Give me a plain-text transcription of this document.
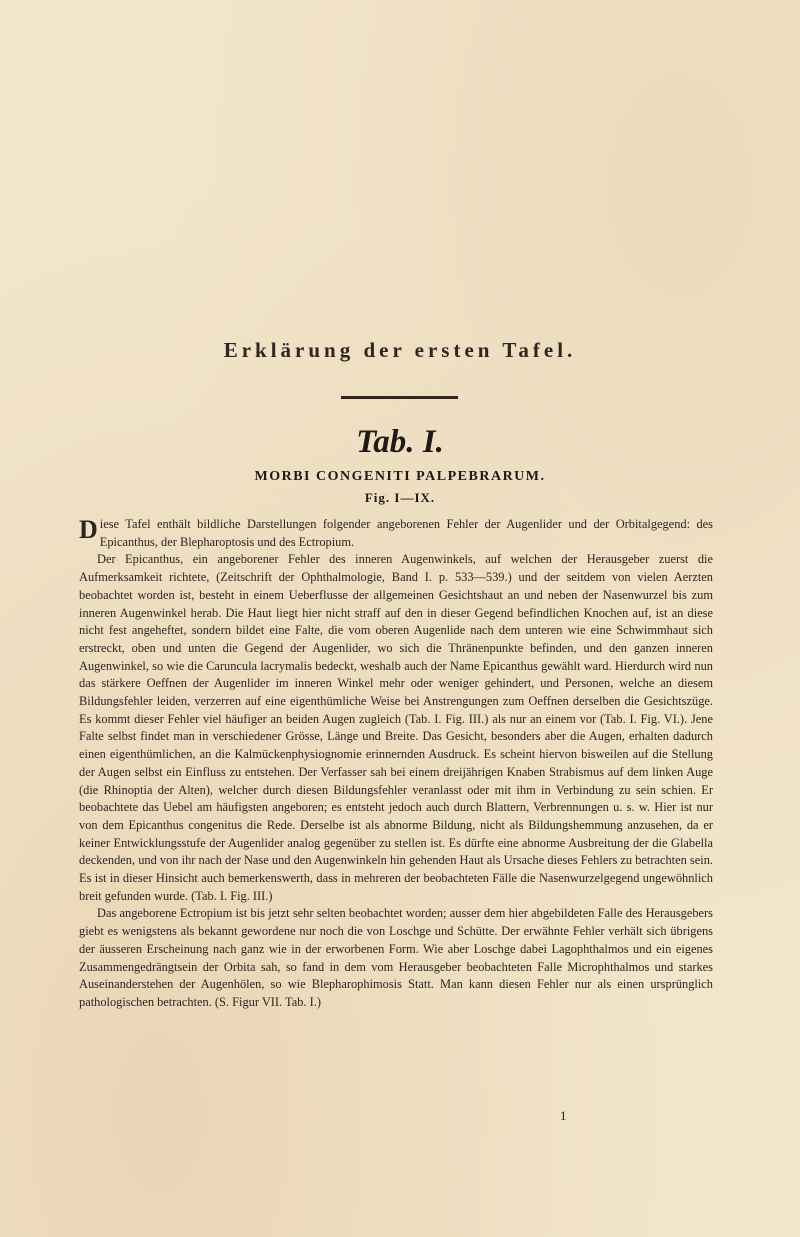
Erklärung der ersten Tafel.
Tab. I.
MORBI CONGENITI PALPEBRARUM.
Fig. I—IX.

Diese Tafel enthält bildliche Darstellungen folgender angeborenen Fehler der Augenlider und der Orbitalgegend: des Epicanthus, der Blepharoptosis und des Ectropium.

Der Epicanthus, ein angeborener Fehler des inneren Augenwinkels, auf welchen der Herausgeber zuerst die Aufmerksamkeit richtete, (Zeitschrift der Ophthalmologie, Band I. p. 533—539.) und der seitdem von vielen Aerzten beobachtet worden ist, besteht in einem Ueberflusse der allgemeinen Gesichtshaut an und neben der Nasenwurzel bis zum inneren Augenwinkel herab. Die Haut liegt hier nicht straff auf den in dieser Gegend befindlichen Knochen auf, ist an diese nicht fest angeheftet, sondern bildet eine Falte, die vom oberen Augenlide nach dem unteren wie eine Schwimmhaut sich erstreckt, oben und unten die Gegend der Augenlider, wo sich die Thränenpunkte befinden, und den ganzen inneren Augenwinkel, so wie die Caruncula lacrymalis bedeckt, weshalb auch der Name Epicanthus gewählt ward. Hierdurch wird nun das stärkere Oeffnen der Augenlider im inneren Winkel mehr oder weniger gehindert, und Personen, welche an diesem Bildungsfehler leiden, verzerren auf eine eigenthümliche Weise bei Anstrengungen zum Oeffnen derselben die Gesichtszüge. Es kommt dieser Fehler viel häufiger an beiden Augen zugleich (Tab. I. Fig. III.) als nur an einem vor (Tab. I. Fig. VI.). Jene Falte selbst findet man in verschiedener Grösse, Länge und Breite. Das Gesicht, besonders aber die Augen, erhalten dadurch einen eigenthümlichen, an die Kalmückenphysiognomie erinnernden Ausdruck. Es scheint hiervon bisweilen auf die Stellung der Augen selbst ein Einfluss zu entstehen. Der Verfasser sah bei einem dreijährigen Knaben Strabismus auf dem linken Auge (die Rhinoptia der Alten), welcher durch diesen Bildungsfehler veranlasst oder mit ihm in Verbindung zu sein schien. Er beobachtete das Uebel am häufigsten angeboren; es entsteht jedoch auch durch Blattern, Verbrennungen u. s. w. Hier ist nur von dem Epicanthus congenitus die Rede. Derselbe ist als abnorme Bildung, nicht als Bildungshemmung anzusehen, da er keiner Entwicklungsstufe der Augenlider analog gegenüber zu stellen ist. Es dürfte eine abnorme Ausbreitung der die Glabella deckenden, und von ihr nach der Nase und den Augenwinkeln hin gehenden Haut als Ursache dieses Fehlers zu betrachten sein. Es ist in dieser Hinsicht auch bemerkenswerth, dass in mehreren der beobachteten Fälle die Nasenwurzelgegend ungewöhnlich breit gefunden wurde. (Tab. I. Fig. III.)

Das angeborene Ectropium ist bis jetzt sehr selten beobachtet worden; ausser dem hier abgebildeten Falle des Herausgebers giebt es wenigstens als bekannt gewordene nur noch die von Loschge und Schütte. Der erwähnte Fehler verhält sich übrigens der äusseren Erscheinung nach ganz wie in der erworbenen Form. Wie aber Loschge dabei Lagophthalmos und ein eigenes Zusammengedrängtsein der Orbita sah, so fand in dem vom Herausgeber beobachteten Falle Microphthalmos und starkes Auseinanderstehen der Augenhölen, so wie Blepharophimosis Statt. Man kann diesen Fehler nur als einen ursprünglich pathologischen betrachten. (S. Figur VII. Tab. I.)

1
